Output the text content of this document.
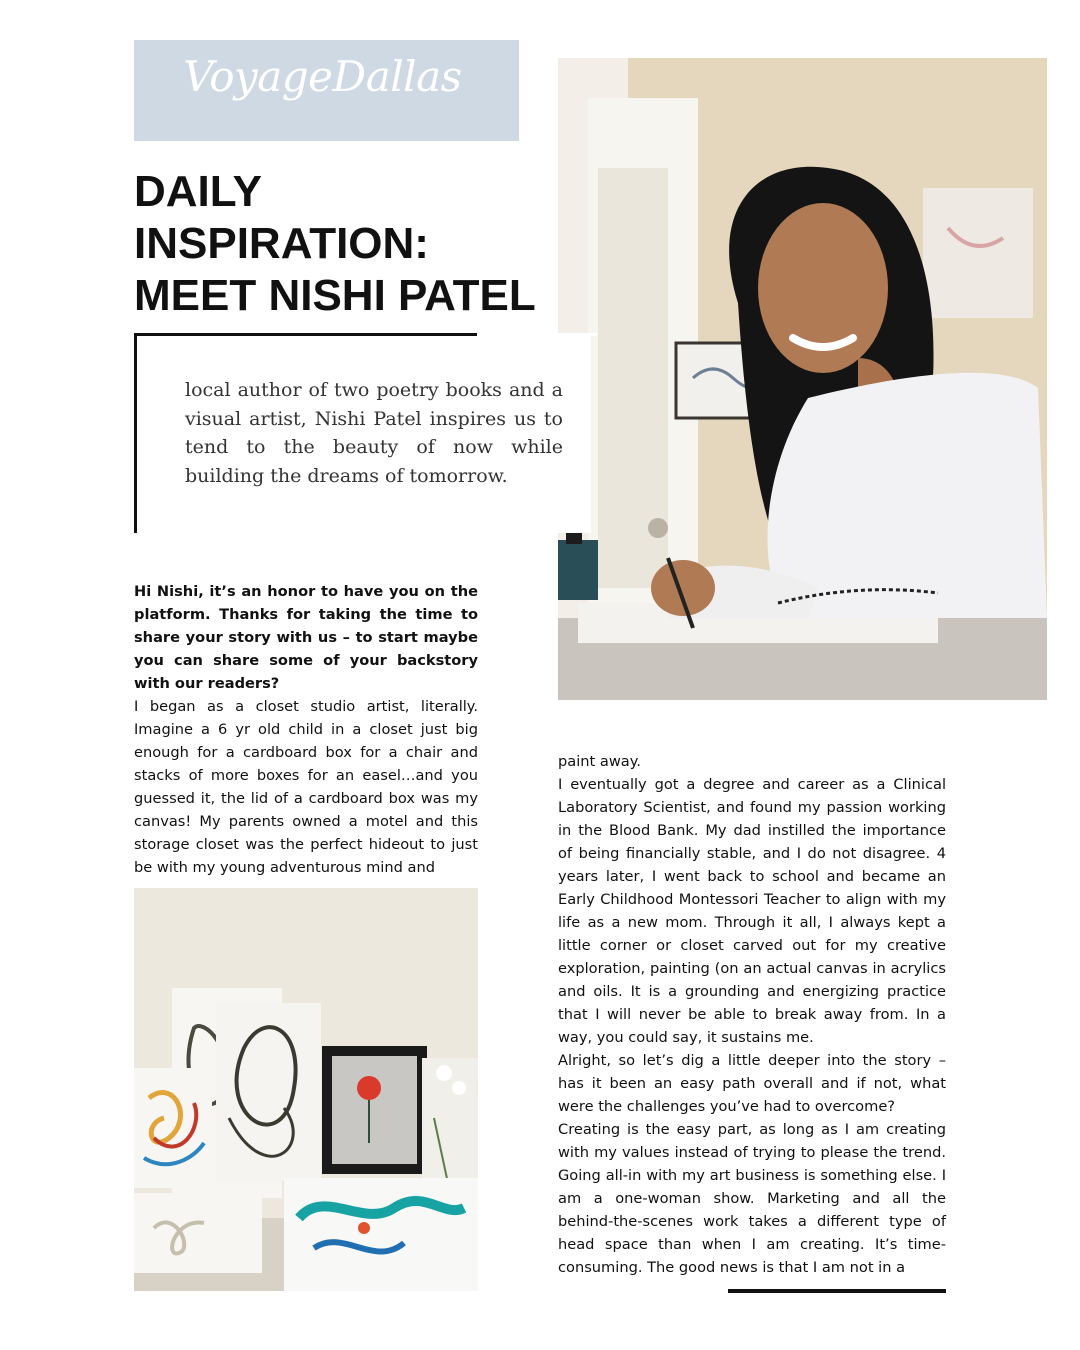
VoyageDallas
DAILY
INSPIRATION:
MEET NISHI PATEL
local author of two poetry books and a visual artist, Nishi Patel inspires us to tend to the beauty of now while building the dreams of tomorrow.

Hi Nishi, it’s an honor to have you on the platform. Thanks for taking the time to share your story with us – to start maybe you can share some of your backstory with our readers?

I began as a closet studio artist, literally. Imagine a 6 yr old child in a closet just big enough for a cardboard box for a chair and stacks of more boxes for an easel…and you guessed it, the lid of a cardboard box was my canvas! My parents owned a motel and this storage closet was the perfect hideout to just be with my young adventurous mind and

paint away.

I eventually got a degree and career as a Clinical Laboratory Scientist, and found my passion working in the Blood Bank. My dad instilled the importance of being financially stable, and I do not disagree. 4 years later, I went back to school and became an Early Childhood Montessori Teacher to align with my life as a new mom. Through it all, I always kept a little corner or closet carved out for my creative exploration, painting (on an actual canvas in acrylics and oils. It is a grounding and energizing practice that I will never be able to break away from. In a way, you could say, it sustains me.

Alright, so let’s dig a little deeper into the story – has it been an easy path overall and if not, what were the challenges you’ve had to overcome?

Creating is the easy part, as long as I am creating with my values instead of trying to please the trend. Going all-in with my art business is something else. I am a one-woman show. Marketing and all the behind-the-scenes work takes a different type of head space than when I am creating. It’s time-consuming. The good news is that I am not in a
